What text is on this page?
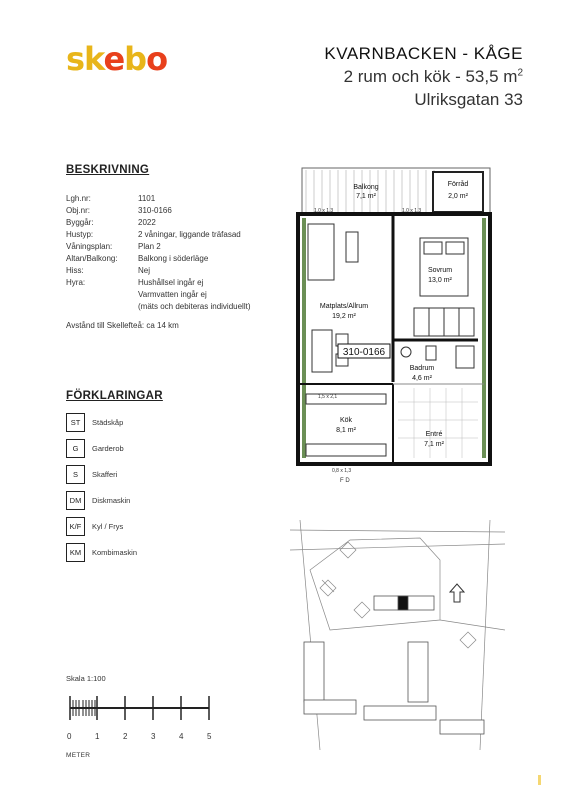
skebo	KVARNBACKEN - KÅGE
2 rum och kök - 53,5 $m^2$
Ulriksgatan 33
BESKRIVNING
Lgh.nr:	1101
Obj.nr:	310-0166
Byggår:	2022
Hustyp:	2 våningar, liggande träfasad
Våningsplan:	Plan 2
Altan/Balkong:	Balkong i söderläge
Hiss:	Nej
Hyra:	Hushållsel ingår ej
Varmvatten ingår ej
(mäts och debiteras individuellt)
Avstånd till Skellefteå: ca 14 km
FÖRKLARINGAR
ST	Städskåp
G	Garderob
S	Skafferi
DM	Diskmaskin
K/F	Kyl / Frys
KM	Kombimaskin
Skala 1:100
0	1	2	3	4	5
METER
1,0 x 1,3	1,0 x 1,3
1,5 x 2,1
0,8 x 1,3
F D
Balkong
7,1 m²
Förråd
2,0 m²
Sovrum
13,0 m²
Matplats/Allrum
19,2 m²
Badrum
4,6 m²
Kök
8,1 m²
Entré
7,1 m²
310-0166
